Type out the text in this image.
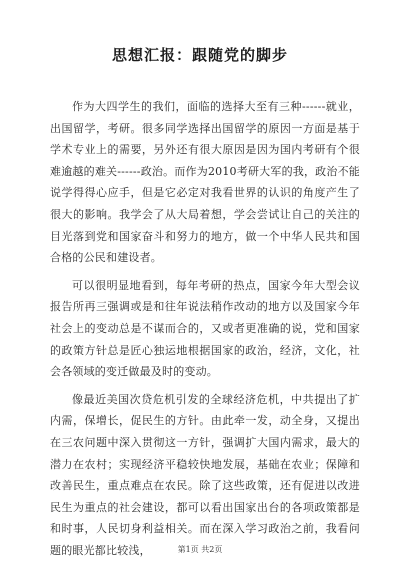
思想汇报：跟随党的脚步

作为大四学生的我们，面临的选择大至有三种------就业，出国留学，考研。很多同学选择出国留学的原因一方面是基于学术专业上的需要，另外还有很大原因是因为国内考研有个很难逾越的难关------政治。而作为2010考研大军的我，政治不能说学得得心应手，但是它必定对我看世界的认识的角度产生了很大的影响。我学会了从大局着想，学会尝试让自己的关注的目光落到党和国家奋斗和努力的地方，做一个中华人民共和国合格的公民和建设者。

可以很明显地看到，每年考研的热点，国家今年大型会议报告所再三强调或是和往年说法稍作改动的地方以及国家今年社会上的变动总是不谋而合的，又或者更准确的说，党和国家的政策方针总是匠心独运地根据国家的政治，经济，文化，社会各领域的变迁做最及时的变动。

像最近美国次贷危机引发的全球经济危机，中共提出了扩内需，保增长，促民生的方针。由此牵一发，动全身，又提出在三农问题中深入贯彻这一方针，强调扩大国内需求，最大的潜力在农村；实现经济平稳较快地发展，基础在农业；保障和改善民生，重点难点在农民。除了这些政策，还有促进以改进民生为重点的社会建设，都可以看出国家出台的各项政策都是和时事，人民切身利益相关。而在深入学习政治之前，我看问题的眼光都比较浅，	第1页 共2页
